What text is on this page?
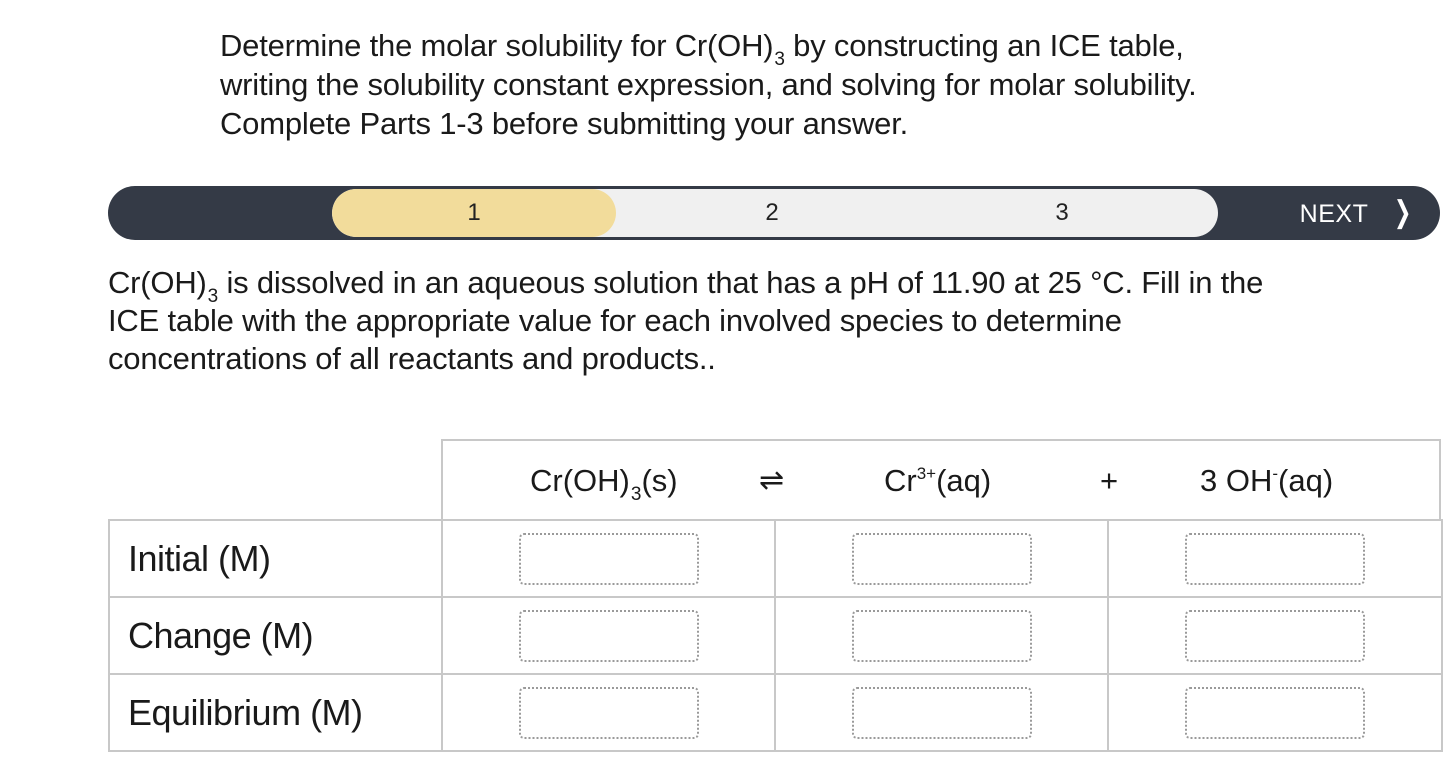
Determine the molar solubility for $Cr(OH)_3$ by constructing an ICE table,

writing the solubility constant expression, and solving for molar solubility.

Complete Parts 1-3 before submitting your answer.

1	2	3	NEXT ❯

$Cr(OH)_3$ is dissolved in an aqueous solution that has a pH of 11.90 at 25 °C. Fill in the

ICE table with the appropriate value for each involved species to determine

concentrations of all reactants and products..

$Cr(OH)_3(s)$	⇌	$Cr^{3+}(aq)$	+	3 OH-(aq)
Initial (M)	

Change (M)	

Equilibrium (M)	
